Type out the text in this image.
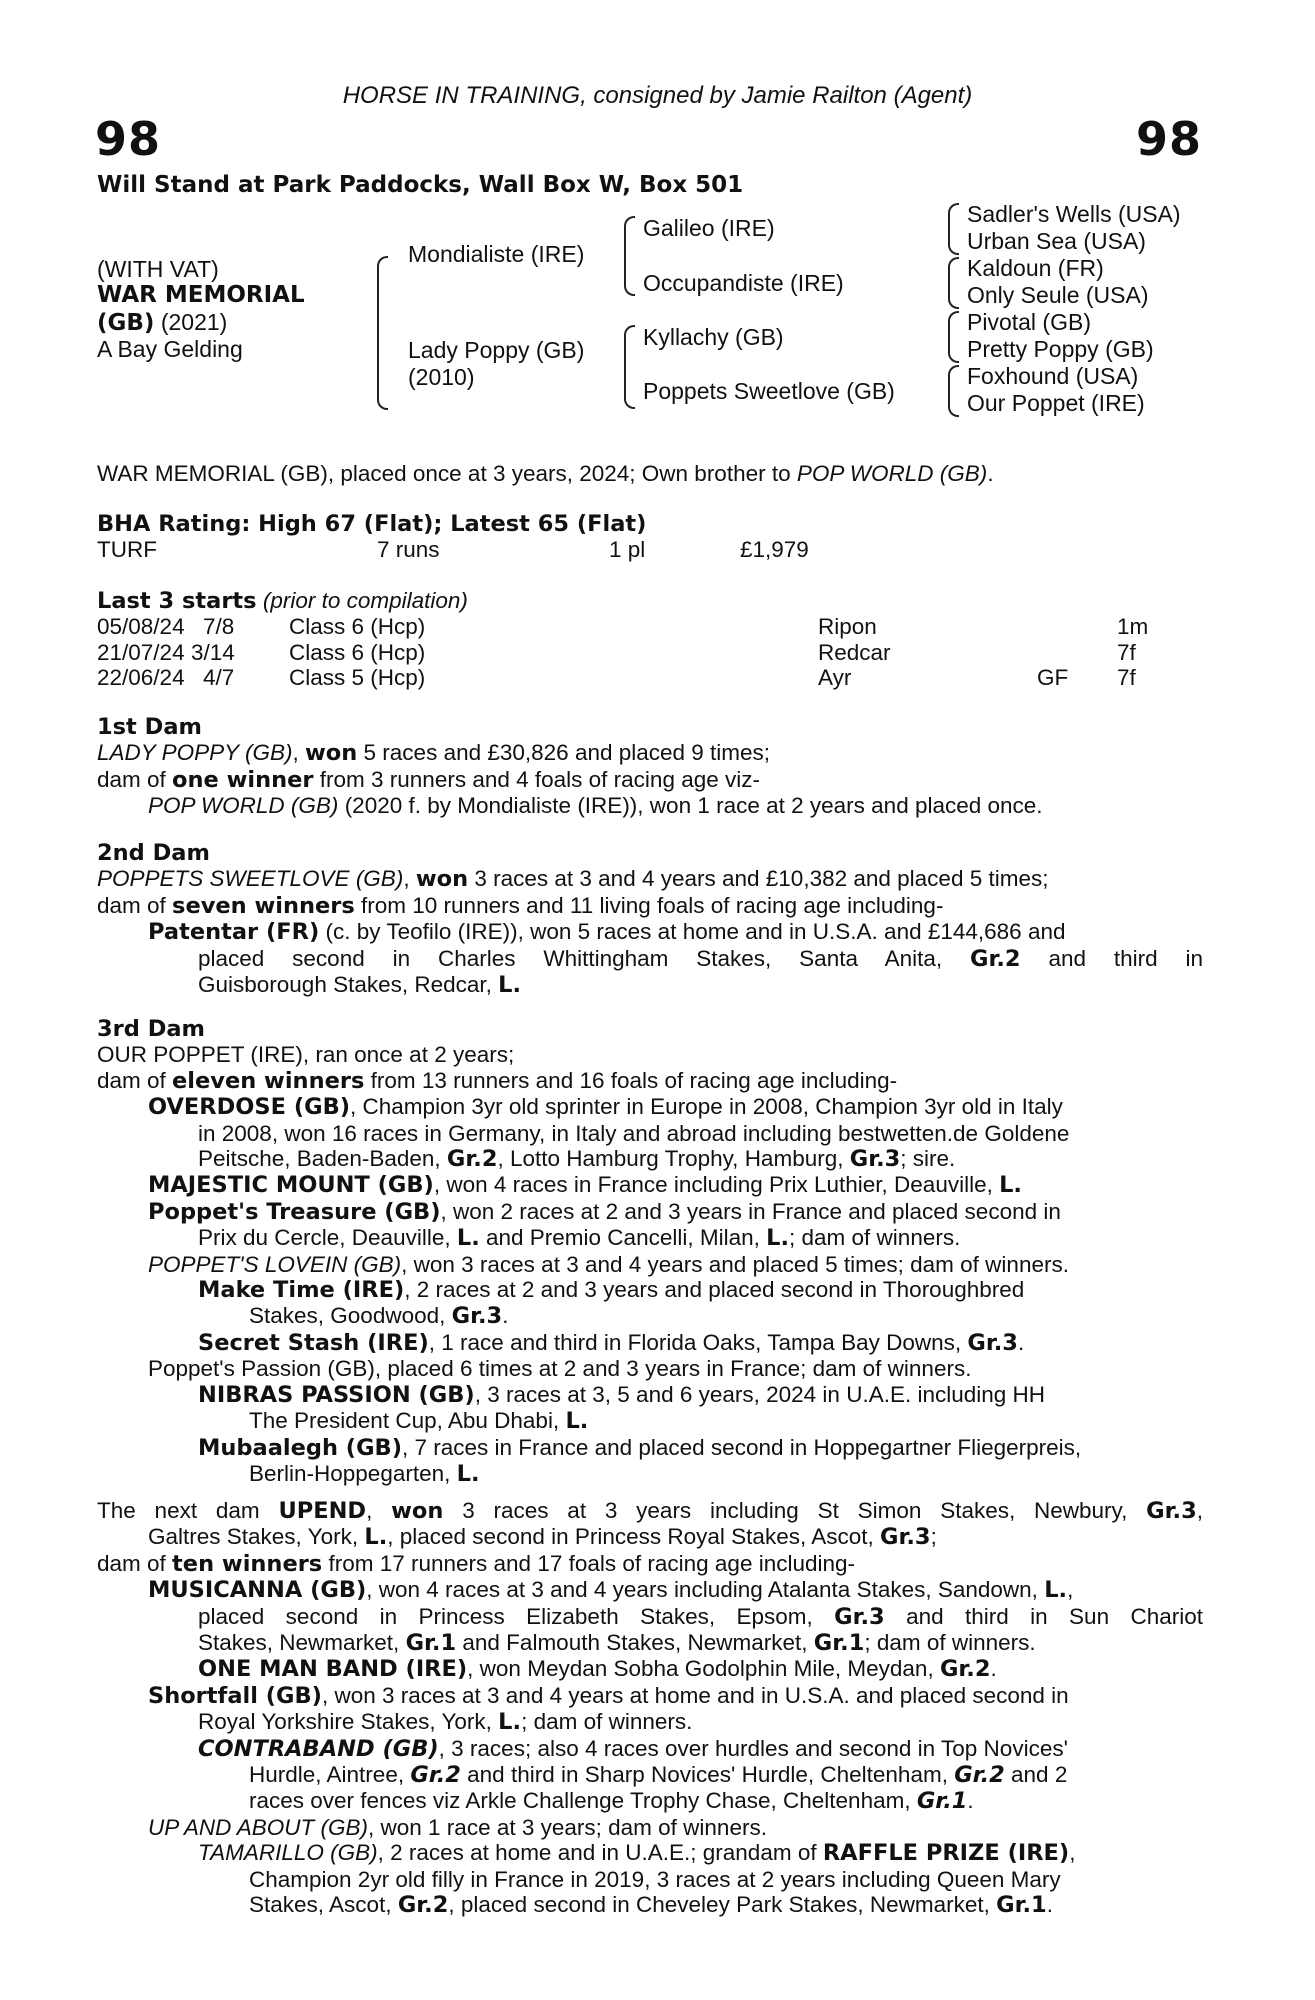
HORSE IN TRAINING, consigned by Jamie Railton (Agent)
98	98
Will Stand at Park Paddocks, Wall Box W, Box 501
(WITH VAT)
WAR MEMORIAL
(GB) (2021)
A Bay Gelding
Mondialiste (IRE)
Lady Poppy (GB)
(2010)
Galileo (IRE)
Occupandiste (IRE)
Kyllachy (GB)
Poppets Sweetlove (GB)
Sadler's Wells (USA)
Urban Sea (USA)
Kaldoun (FR)
Only Seule (USA)
Pivotal (GB)
Pretty Poppy (GB)
Foxhound (USA)
Our Poppet (IRE)
WAR MEMORIAL (GB), placed once at 3 years, 2024; Own brother to POP WORLD (GB).
BHA Rating: High 67 (Flat); Latest 65 (Flat)
TURF	7 runs	1 pl	£1,979
Last 3 starts (prior to compilation)
05/08/24 7/8 Class 6 (Hcp)	Ripon	1m
21/07/24 3/14 Class 6 (Hcp)	Redcar	7f
22/06/24 4/7 Class 5 (Hcp)	Ayr	GF 7f
1st Dam
LADY POPPY (GB), won 5 races and £30,826 and placed 9 times;
dam of one winner from 3 runners and 4 foals of racing age viz-
POP WORLD (GB) (2020 f. by Mondialiste (IRE)), won 1 race at 2 years and placed once.
2nd Dam
POPPETS SWEETLOVE (GB), won 3 races at 3 and 4 years and £10,382 and placed 5 times;
dam of seven winners from 10 runners and 11 living foals of racing age including-
Patentar (FR) (c. by Teofilo (IRE)), won 5 races at home and in U.S.A. and £144,686 and
placed second in Charles Whittingham Stakes, Santa Anita, Gr.2 and third in
Guisborough Stakes, Redcar, L.
3rd Dam
OUR POPPET (IRE), ran once at 2 years;
dam of eleven winners from 13 runners and 16 foals of racing age including-
OVERDOSE (GB), Champion 3yr old sprinter in Europe in 2008, Champion 3yr old in Italy
in 2008, won 16 races in Germany, in Italy and abroad including bestwetten.de Goldene
Peitsche, Baden-Baden, Gr.2, Lotto Hamburg Trophy, Hamburg, Gr.3; sire.
MAJESTIC MOUNT (GB), won 4 races in France including Prix Luthier, Deauville, L.
Poppet's Treasure (GB), won 2 races at 2 and 3 years in France and placed second in
Prix du Cercle, Deauville, L. and Premio Cancelli, Milan, L.; dam of winners.
POPPET'S LOVEIN (GB), won 3 races at 3 and 4 years and placed 5 times; dam of winners.
Make Time (IRE), 2 races at 2 and 3 years and placed second in Thoroughbred
Stakes, Goodwood, Gr.3.
Secret Stash (IRE), 1 race and third in Florida Oaks, Tampa Bay Downs, Gr.3.
Poppet's Passion (GB), placed 6 times at 2 and 3 years in France; dam of winners.
NIBRAS PASSION (GB), 3 races at 3, 5 and 6 years, 2024 in U.A.E. including HH
The President Cup, Abu Dhabi, L.
Mubaalegh (GB), 7 races in France and placed second in Hoppegartner Fliegerpreis,
Berlin-Hoppegarten, L.
The next dam UPEND, won 3 races at 3 years including St Simon Stakes, Newbury, Gr.3,
Galtres Stakes, York, L., placed second in Princess Royal Stakes, Ascot, Gr.3;
dam of ten winners from 17 runners and 17 foals of racing age including-
MUSICANNA (GB), won 4 races at 3 and 4 years including Atalanta Stakes, Sandown, L.,
placed second in Princess Elizabeth Stakes, Epsom, Gr.3 and third in Sun Chariot
Stakes, Newmarket, Gr.1 and Falmouth Stakes, Newmarket, Gr.1; dam of winners.
ONE MAN BAND (IRE), won Meydan Sobha Godolphin Mile, Meydan, Gr.2.
Shortfall (GB), won 3 races at 3 and 4 years at home and in U.S.A. and placed second in
Royal Yorkshire Stakes, York, L.; dam of winners.
CONTRABAND (GB), 3 races; also 4 races over hurdles and second in Top Novices'
Hurdle, Aintree, Gr.2 and third in Sharp Novices' Hurdle, Cheltenham, Gr.2 and 2
races over fences viz Arkle Challenge Trophy Chase, Cheltenham, Gr.1.
UP AND ABOUT (GB), won 1 race at 3 years; dam of winners.
TAMARILLO (GB), 2 races at home and in U.A.E.; grandam of RAFFLE PRIZE (IRE),
Champion 2yr old filly in France in 2019, 3 races at 2 years including Queen Mary
Stakes, Ascot, Gr.2, placed second in Cheveley Park Stakes, Newmarket, Gr.1.
